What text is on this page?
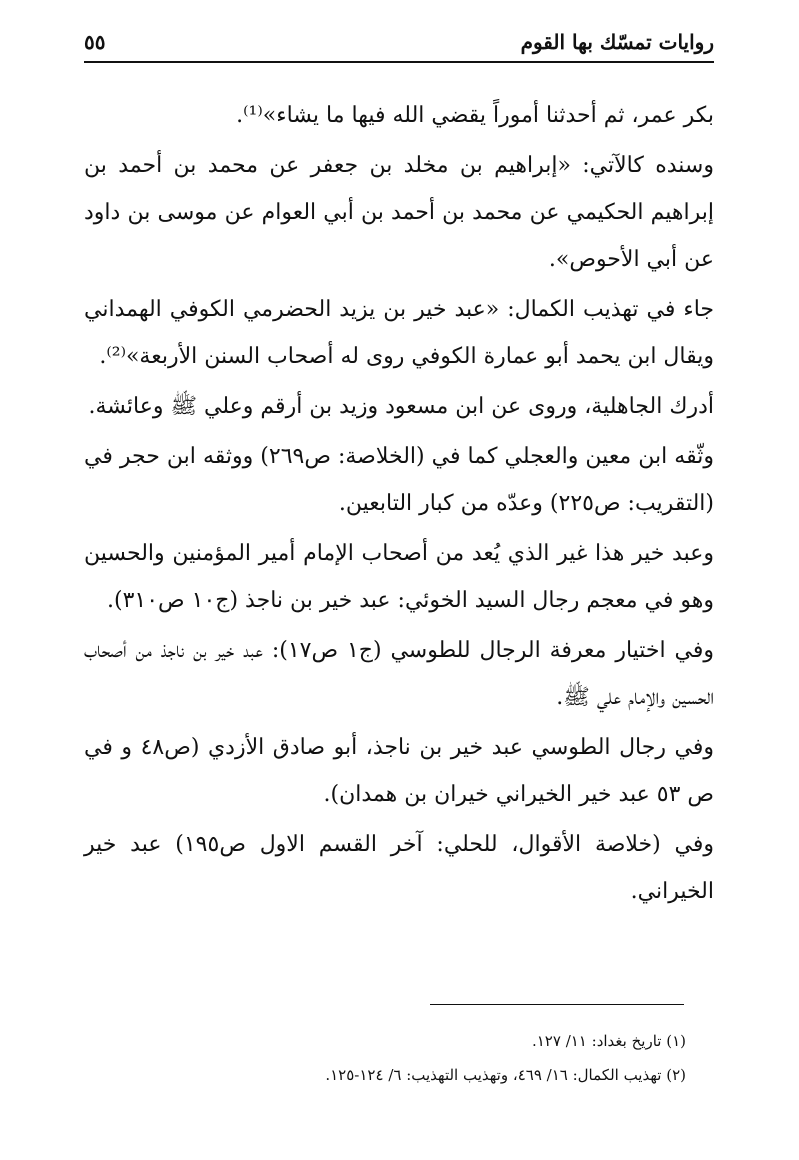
روايات تمسّك بها القوم
٥٥

بكر عمر، ثم أحدثنا أموراً يقضي الله فيها ما يشاء»⁽¹⁾.

وسنده كالآتي: «إبراهيم بن مخلد بن جعفر عن محمد بن أحمد بن إبراهيم الحكيمي عن محمد بن أحمد بن أبي العوام عن موسى بن داود عن أبي الأحوص».

جاء في تهذيب الكمال: «عبد خير بن يزيد الحضرمي الكوفي الهمداني ويقال ابن يحمد أبو عمارة الكوفي روى له أصحاب السنن الأربعة»⁽²⁾.

أدرك الجاهلية، وروى عن ابن مسعود وزيد بن أرقم وعلي ﷺ وعائشة.

وثّقه ابن معين والعجلي كما في (الخلاصة: ص٢٦٩) ووثقه ابن حجر في (التقريب: ص٢٢٥) وعدّه من كبار التابعين.

وعبد خير هذا غير الذي يُعد من أصحاب الإمام أمير المؤمنين والحسين وهو في معجم رجال السيد الخوئي: عبد خير بن ناجذ (ج١٠ ص٣١٠).

وفي اختيار معرفة الرجال للطوسي (ج١ ص١٧): عبد خير بن ناجذ من أصحاب الحسين والإمام علي ﷺ.

وفي رجال الطوسي عبد خير بن ناجذ، أبو صادق الأزدي (ص٤٨ و في ص ٥٣ عبد خير الخيراني خيران بن همدان).

وفي (خلاصة الأقوال، للحلي: آخر القسم الاول ص١٩٥) عبد خير الخيراني.

(١) تاريخ بغداد: ١١/ ١٢٧.

(٢) تهذيب الكمال: ١٦/ ٤٦٩، وتهذيب التهذيب: ٦/ ١٢٤-١٢٥.
